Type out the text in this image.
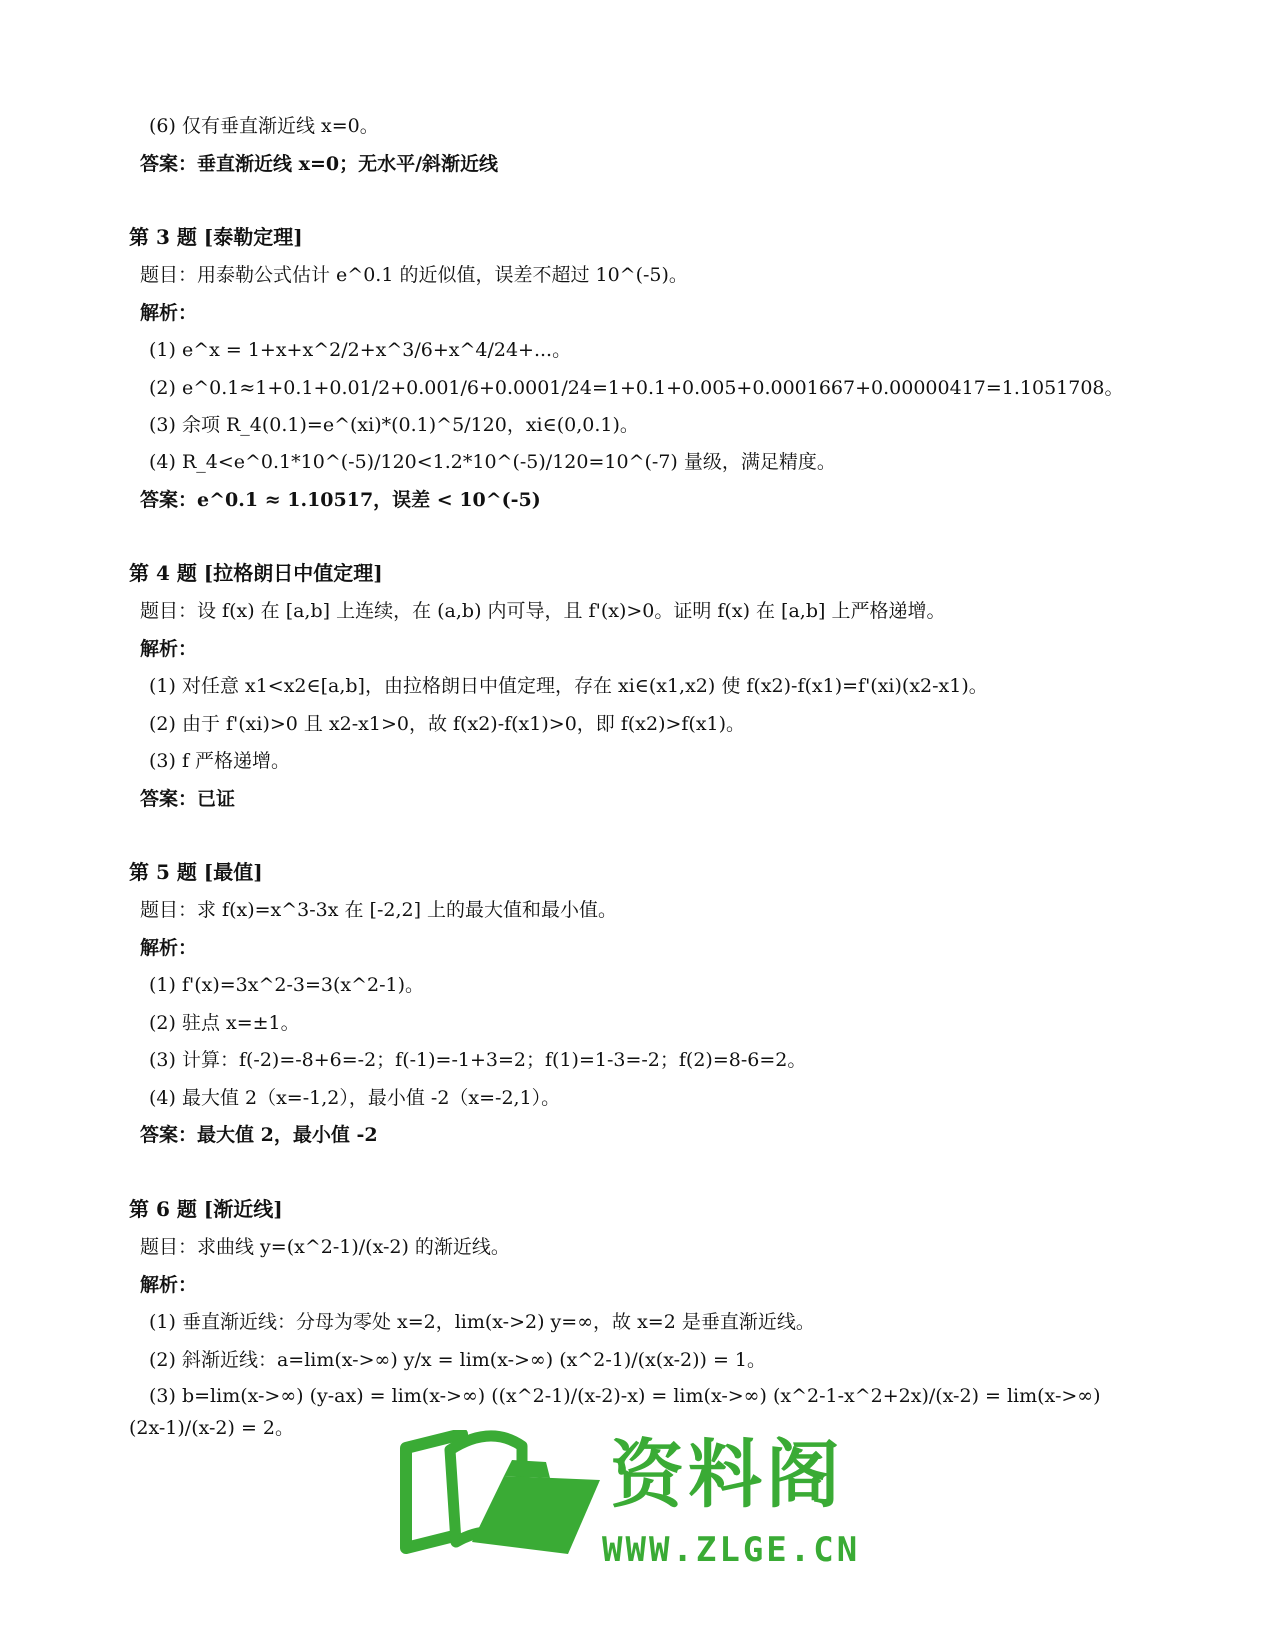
(6) 仅有垂直渐近线 x=0。
答案：垂直渐近线 x=0；无水平/斜渐近线
第 3 题 [泰勒定理]
题目：用泰勒公式估计 e^0.1 的近似值，误差不超过 10^(-5)。
解析：
(1) e^x = 1+x+x^2/2+x^3/6+x^4/24+...。
(2) e^0.1≈1+0.1+0.01/2+0.001/6+0.0001/24=1+0.1+0.005+0.0001667+0.00000417=1.1051708。
(3) 余项 R_4(0.1)=e^(xi)*(0.1)^5/120，xi∈(0,0.1)。
(4) R_4<e^0.1*10^(-5)/120<1.2*10^(-5)/120=10^(-7) 量级，满足精度。
答案：e^0.1 ≈ 1.10517，误差 < 10^(-5)
第 4 题 [拉格朗日中值定理]
题目：设 f(x) 在 [a,b] 上连续，在 (a,b) 内可导，且 f'(x)>0。证明 f(x) 在 [a,b] 上严格递增。
解析：
(1) 对任意 x1<x2∈[a,b]，由拉格朗日中值定理，存在 xi∈(x1,x2) 使 f(x2)-f(x1)=f'(xi)(x2-x1)。
(2) 由于 f'(xi)>0 且 x2-x1>0，故 f(x2)-f(x1)>0，即 f(x2)>f(x1)。
(3) f 严格递增。
答案：已证
第 5 题 [最值]
题目：求 f(x)=x^3-3x 在 [-2,2] 上的最大值和最小值。
解析：
(1) f'(x)=3x^2-3=3(x^2-1)。
(2) 驻点 x=±1。
(3) 计算：f(-2)=-8+6=-2；f(-1)=-1+3=2；f(1)=1-3=-2；f(2)=8-6=2。
(4) 最大值 2（x=-1,2），最小值 -2（x=-2,1）。
答案：最大值 2，最小值 -2
第 6 题 [渐近线]
题目：求曲线 y=(x^2-1)/(x-2) 的渐近线。
解析：
(1) 垂直渐近线：分母为零处 x=2，lim(x->2) y=∞，故 x=2 是垂直渐近线。
(2) 斜渐近线：a=lim(x->∞) y/x = lim(x->∞) (x^2-1)/(x(x-2)) = 1。
(3) b=lim(x->∞) (y-ax) = lim(x->∞) ((x^2-1)/(x-2)-x) = lim(x->∞) (x^2-1-x^2+2x)/(x-2) = lim(x->∞) (2x-1)/(x-2) = 2。
资料阁
WWW.ZLGE.CN
